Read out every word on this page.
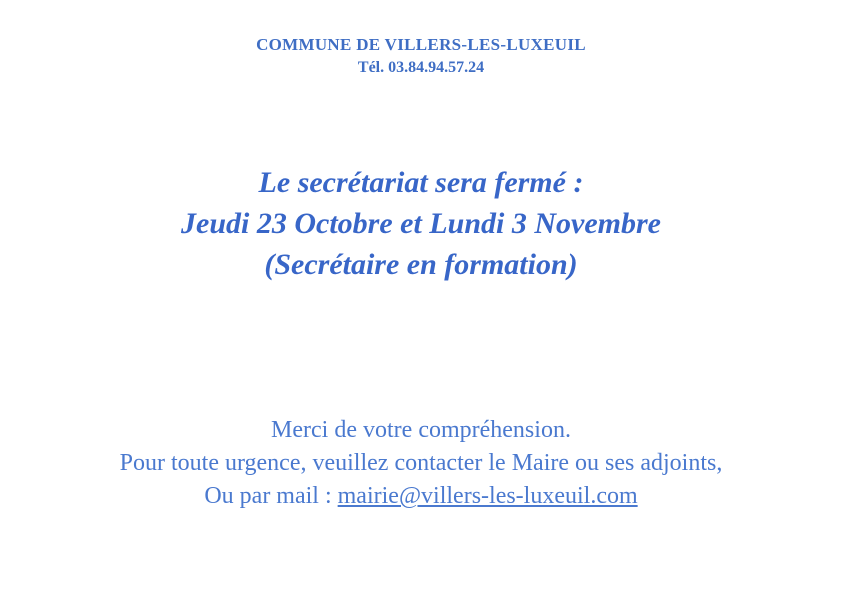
COMMUNE DE VILLERS-LES-LUXEUIL
Tél. 03.84.94.57.24
Le secrétariat sera fermé :
Jeudi 23 Octobre et Lundi 3 Novembre
(Secrétaire en formation)
Merci de votre compréhension.
Pour toute urgence, veuillez contacter le Maire ou ses adjoints,
Ou par mail : mairie@villers-les-luxeuil.com
